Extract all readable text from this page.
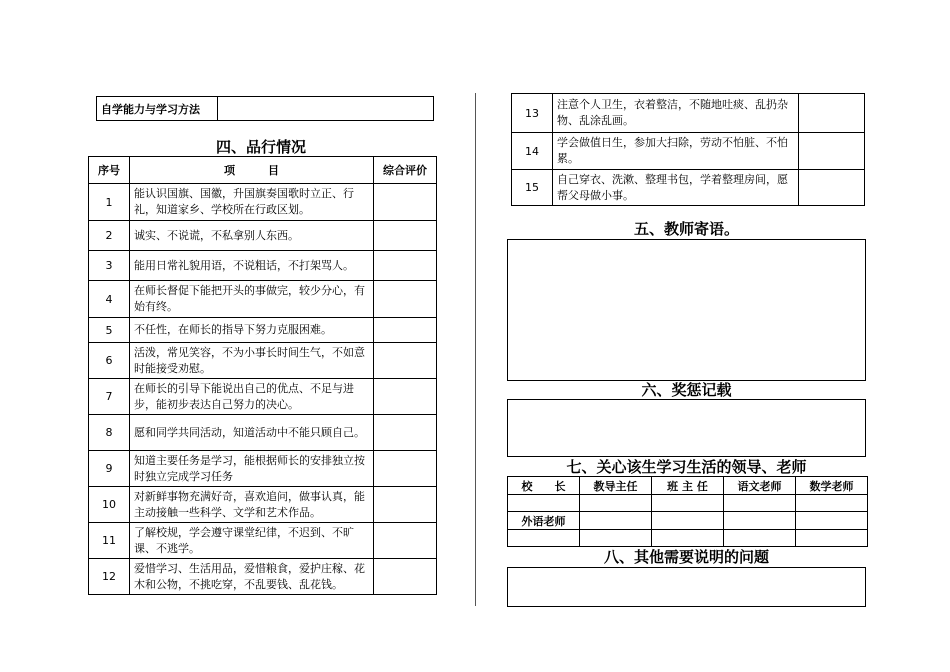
自学能力与学习方法	
四、品行情况
序号	项　　　目	综合评价
1	能认识国旗、国徽，升国旗奏国歌时立正、行礼，知道家乡、学校所在行政区划。	
2	诚实、不说谎，不私拿别人东西。	
3	能用日常礼貌用语，不说粗话，不打架骂人。	
4	在师长督促下能把开头的事做完，较少分心，有始有终。	
5	不任性，在师长的指导下努力克服困难。	
6	活泼，常见笑容，不为小事长时间生气，不如意时能接受劝慰。	
7	在师长的引导下能说出自己的优点、不足与进步，能初步表达自己努力的决心。	
8	愿和同学共同活动，知道活动中不能只顾自己。	
9	知道主要任务是学习，能根据师长的安排独立按时独立完成学习任务	
10	对新鲜事物充满好奇，喜欢追问，做事认真，能主动接触一些科学、文学和艺术作品。	
11	了解校规，学会遵守课堂纪律，不迟到、不旷课、不逃学。	
12	爱惜学习、生活用品，爱惜粮食，爱护庄稼、花木和公物，不挑吃穿，不乱要钱、乱花钱。	
13	注意个人卫生，衣着整洁，不随地吐痰、乱扔杂物、乱涂乱画。	
14	学会做值日生，参加大扫除，劳动不怕脏、不怕累。	
15	自己穿衣、洗漱、整理书包，学着整理房间，愿帮父母做小事。	
五、教师寄语。
六、奖惩记载
七、关心该生学习生活的领导、老师
校　　长	教导主任	班 主 任	语文老师	数学老师

外语老师				

八、其他需要说明的问题
